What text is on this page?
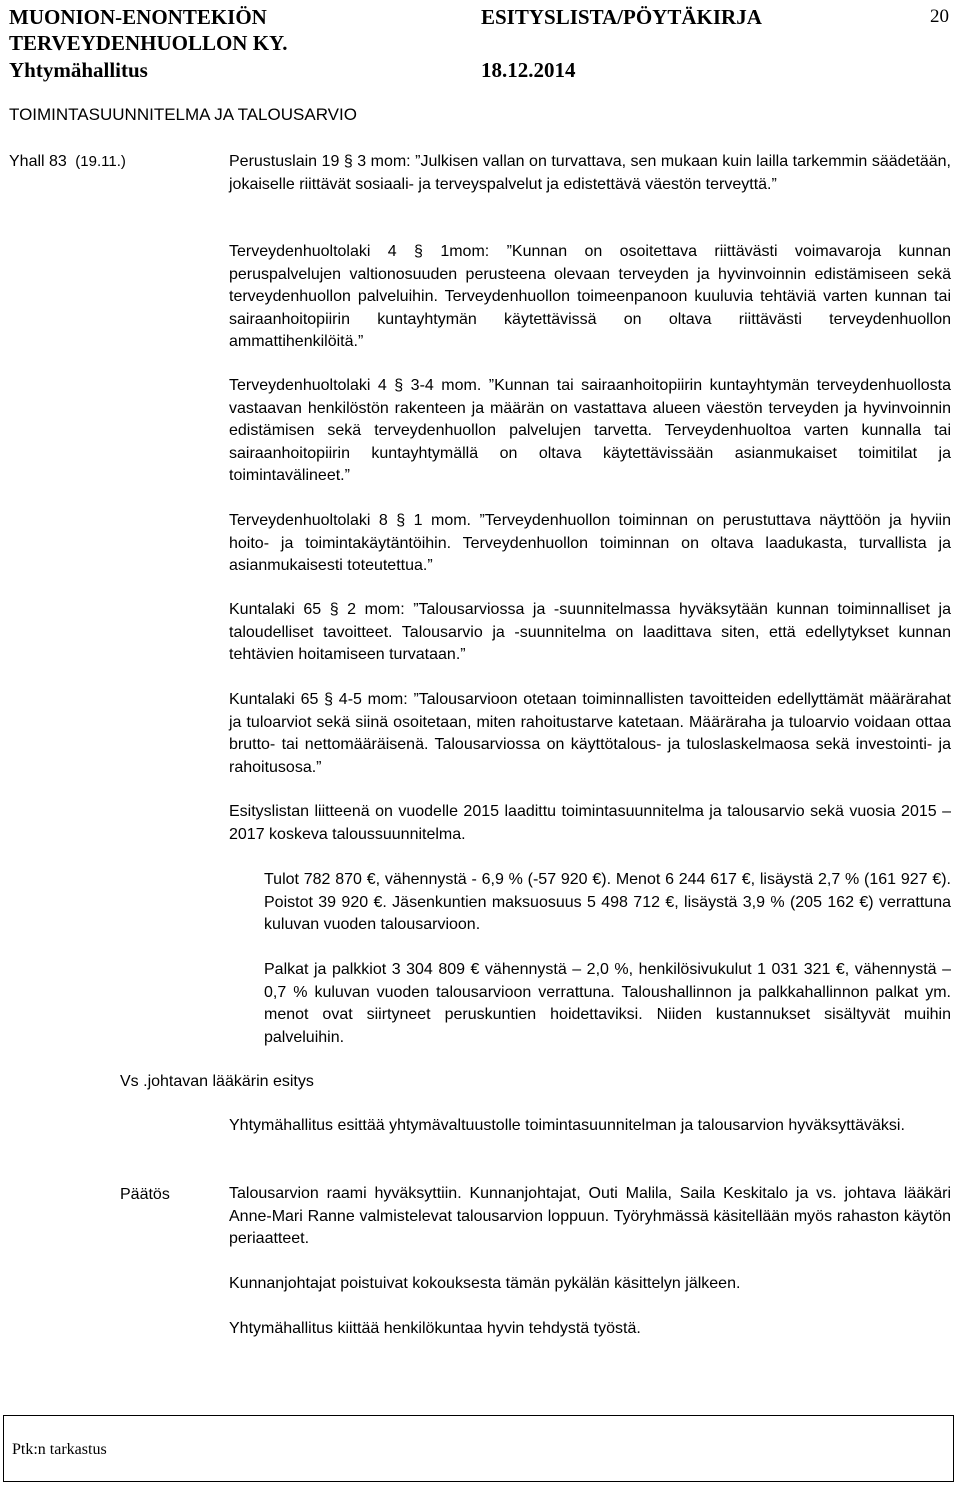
MUONION-ENONTEKIÖN
TERVEYDENHUOLLON KY.
Yhtymähallitus
ESITYSLISTA/PÖYTÄKIRJA
18.12.2014
20
TOIMINTASUUNNITELMA JA TALOUSARVIO
Yhall 83 (19.11.)	Perustuslain 19 § 3 mom: ”Julkisen vallan on turvattava, sen mukaan kuin lailla tarkemmin säädetään, jokaiselle riittävät sosiaali- ja terveyspalvelut ja edistettävä väestön terveyttä.”
Terveydenhuoltolaki 4 § 1mom: ”Kunnan on osoitettava riittävästi voimavaroja kunnan peruspalvelujen valtionosuuden perusteena olevaan terveyden ja hyvinvoinnin edistämiseen sekä terveydenhuollon palveluihin. Terveydenhuollon toimeenpanoon kuuluvia tehtäviä varten kunnan tai sairaanhoitopiirin kuntayhtymän käytettävissä on oltava riittävästi terveydenhuollon ammattihenkilöitä.”
Terveydenhuoltolaki 4 § 3-4 mom. ”Kunnan tai sairaanhoitopiirin kuntayhtymän terveydenhuollosta vastaavan henkilöstön rakenteen ja määrän on vastattava alueen väestön terveyden ja hyvinvoinnin edistämisen sekä terveydenhuollon palvelujen tarvetta. Terveydenhuoltoa varten kunnalla tai sairaanhoitopiirin kuntayhtymällä on oltava käytettävissään asianmukaiset toimitilat ja toimintavälineet.”
Terveydenhuoltolaki 8 § 1 mom. ”Terveydenhuollon toiminnan on perustuttava näyttöön ja hyviin hoito- ja toimintakäytäntöihin. Terveydenhuollon toiminnan on oltava laadukasta, turvallista ja asianmukaisesti toteutettua.”
Kuntalaki 65 § 2 mom: ”Talousarviossa ja -suunnitelmassa hyväksytään kunnan toiminnalliset ja taloudelliset tavoitteet. Talousarvio ja -suunnitelma on laadittava siten, että edellytykset kunnan tehtävien hoitamiseen turvataan.”
Kuntalaki 65 § 4-5 mom: ”Talousarvioon otetaan toiminnallisten tavoitteiden edellyttämät määrärahat ja tuloarviot sekä siinä osoitetaan, miten rahoitustarve katetaan. Määräraha ja tuloarvio voidaan ottaa brutto- tai nettomääräisenä. Talousarviossa on käyttötalous- ja tuloslaskelmaosa sekä investointi- ja rahoitusosa.”
Esityslistan liitteenä on vuodelle 2015 laadittu toimintasuunnitelma ja talousarvio sekä vuosia 2015 – 2017 koskeva taloussuunnitelma.
Tulot 782 870 €, vähennystä - 6,9 % (-57 920 €). Menot 6 244 617 €, lisäystä 2,7 % (161 927 €). Poistot 39 920 €. Jäsenkuntien maksuosuus 5 498 712 €, lisäystä 3,9 % (205 162 €) verrattuna kuluvan vuoden talousarvioon.
Palkat ja palkkiot 3 304 809 € vähennystä – 2,0 %, henkilösivukulut 1 031 321 €, vähennystä – 0,7 % kuluvan vuoden talousarvioon verrattuna. Taloushallinnon ja palkkahallinnon palkat ym. menot ovat siirtyneet peruskuntien hoidettaviksi. Niiden kustannukset sisältyvät muihin palveluihin.
Vs .johtavan lääkärin esitys
Yhtymähallitus esittää yhtymävaltuustolle toimintasuunnitelman ja talousarvion hyväksyttäväksi.
Päätös	Talousarvion raami hyväksyttiin. Kunnanjohtajat, Outi Malila, Saila Keskitalo ja vs. johtava lääkäri Anne-Mari Ranne valmistelevat talousarvion loppuun. Työryhmässä käsitellään myös rahaston käytön periaatteet.
Kunnanjohtajat poistuivat kokouksesta tämän pykälän käsittelyn jälkeen.
Yhtymähallitus kiittää henkilökuntaa hyvin tehdystä työstä.
Ptk:n tarkastus
